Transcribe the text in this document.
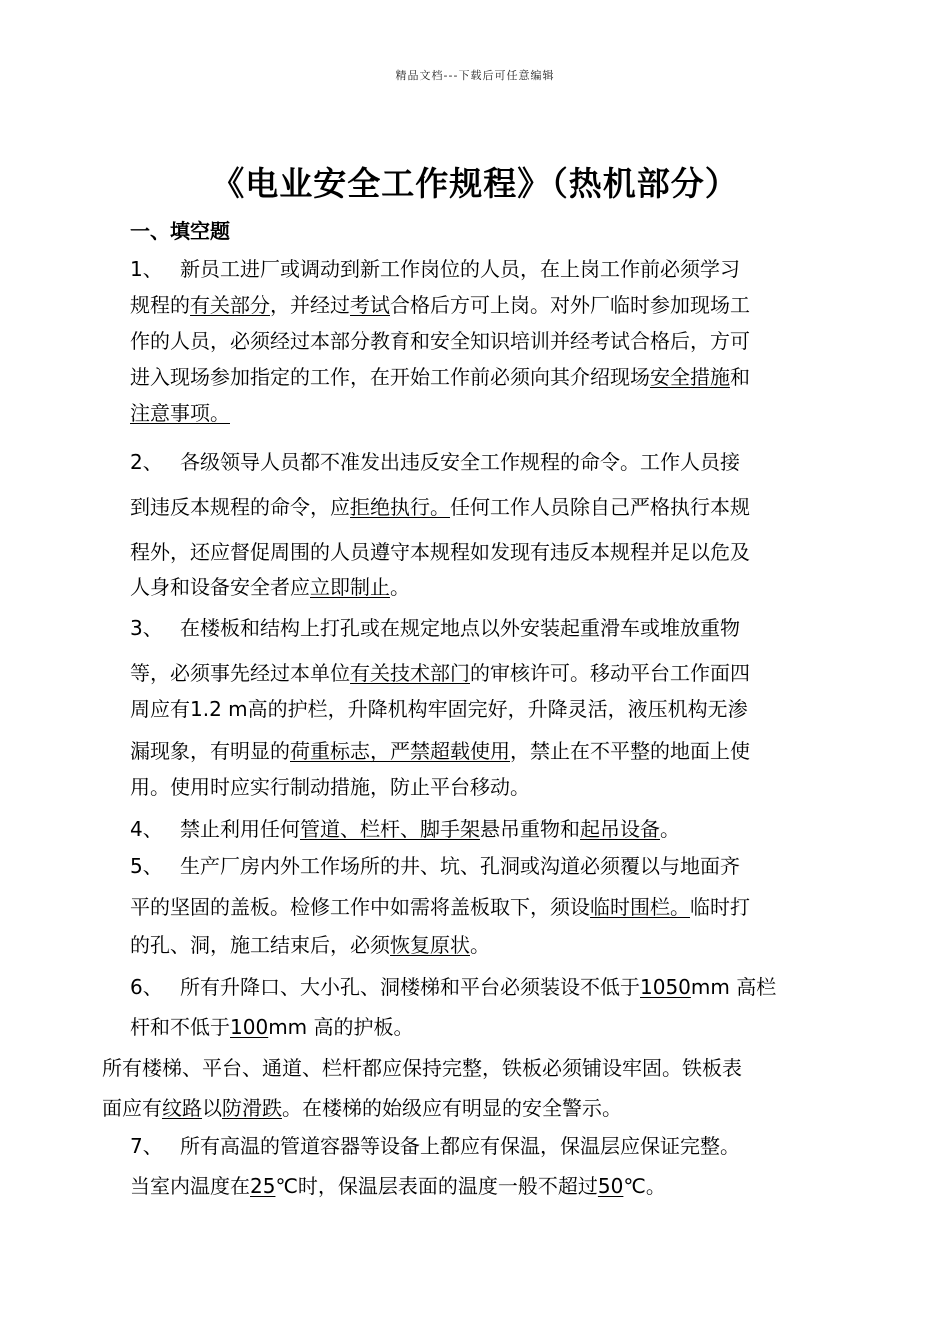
精品文档---下载后可任意编辑
《电业安全工作规程》（热机部分）
一、填空题
1、 新员工进厂或调动到新工作岗位的人员，在上岗工作前必须学习
规程的有关部分，并经过考试合格后方可上岗。对外厂临时参加现场工
作的人员，必须经过本部分教育和安全知识培训并经考试合格后，方可
进入现场参加指定的工作，在开始工作前必须向其介绍现场安全措施和
注意事项。
2、 各级领导人员都不准发出违反安全工作规程的命令。工作人员接
到违反本规程的命令，应拒绝执行。任何工作人员除自己严格执行本规
程外，还应督促周围的人员遵守本规程如发现有违反本规程并足以危及
人身和设备安全者应立即制止。
3、 在楼板和结构上打孔或在规定地点以外安装起重滑车或堆放重物
等，必须事先经过本单位有关技术部门的审核许可。移动平台工作面四
周应有1.2 m高的护栏，升降机构牢固完好，升降灵活，液压机构无渗
漏现象，有明显的荷重标志，严禁超载使用，禁止在不平整的地面上使
用。使用时应实行制动措施，防止平台移动。
4、 禁止利用任何管道、栏杆、脚手架悬吊重物和起吊设备。
5、 生产厂房内外工作场所的井、坑、孔洞或沟道必须覆以与地面齐
平的坚固的盖板。检修工作中如需将盖板取下，须设临时围栏。临时打
的孔、洞，施工结束后，必须恢复原状。
6、 所有升降口、大小孔、洞楼梯和平台必须装设不低于1050mm 高栏
杆和不低于100mm 高的护板。
所有楼梯、平台、通道、栏杆都应保持完整，铁板必须铺设牢固。铁板表
面应有纹路以防滑跌。在楼梯的始级应有明显的安全警示。
7、 所有高温的管道容器等设备上都应有保温，保温层应保证完整。
当室内温度在25℃时，保温层表面的温度一般不超过50℃。
